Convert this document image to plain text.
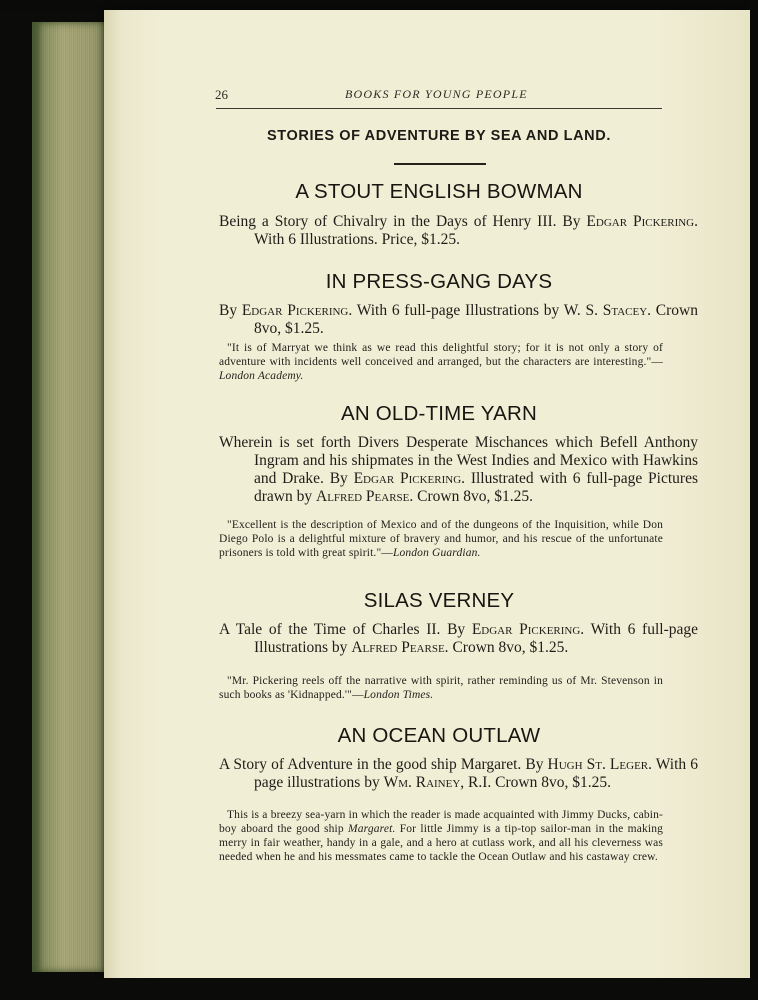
26	BOOKS FOR YOUNG PEOPLE
STORIES OF ADVENTURE BY SEA AND LAND.
A STOUT ENGLISH BOWMAN
Being a Story of Chivalry in the Days of Henry III. By Edgar Pickering. With 6 Illustrations. Price, $1.25.
IN PRESS-GANG DAYS
By Edgar Pickering. With 6 full-page Illustrations by W. S. Stacey. Crown 8vo, $1.25.
"It is of Marryat we think as we read this delightful story; for it is not only a story of adventure with incidents well conceived and arranged, but the characters are interesting."—London Academy.
AN OLD-TIME YARN
Wherein is set forth Divers Desperate Mischances which Befell Anthony Ingram and his shipmates in the West Indies and Mexico with Hawkins and Drake. By Edgar Pickering. Illustrated with 6 full-page Pictures drawn by Alfred Pearse. Crown 8vo, $1.25.
"Excellent is the description of Mexico and of the dungeons of the Inquisition, while Don Diego Polo is a delightful mixture of bravery and humor, and his rescue of the unfortunate prisoners is told with great spirit."—London Guardian.
SILAS VERNEY
A Tale of the Time of Charles II. By Edgar Pickering. With 6 full-page Illustrations by Alfred Pearse. Crown 8vo, $1.25.
"Mr. Pickering reels off the narrative with spirit, rather reminding us of Mr. Stevenson in such books as 'Kidnapped.'"—London Times.
AN OCEAN OUTLAW
A Story of Adventure in the good ship Margaret. By Hugh St. Leger. With 6 page illustrations by Wm. Rainey, R.I. Crown 8vo, $1.25.
This is a breezy sea-yarn in which the reader is made acquainted with Jimmy Ducks, cabin-boy aboard the good ship Margaret. For little Jimmy is a tip-top sailor-man in the making merry in fair weather, handy in a gale, and a hero at cutlass work, and all his cleverness was needed when he and his messmates came to tackle the Ocean Outlaw and his castaway crew.
